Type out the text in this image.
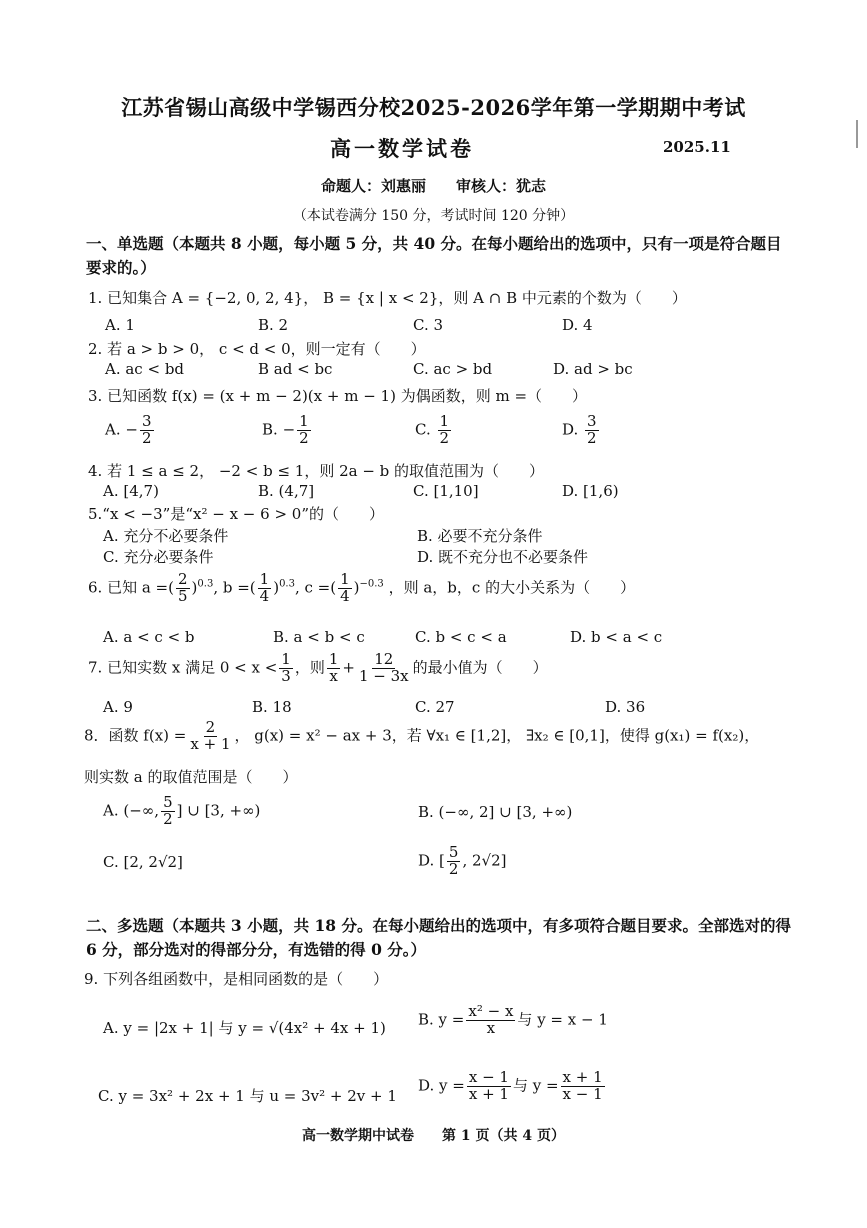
江苏省锡山高级中学锡西分校2025-2026学年第一学期期中考试
高一数学试卷	2025.11
命题人：刘惠丽　　审核人：犹志
（本试卷满分 150 分，考试时间 120 分钟）
一、单选题（本题共 8 小题，每小题 5 分，共 40 分。在每小题给出的选项中，只有一项是符合题目要求的。）
1. 已知集合 A = {−2, 0, 2, 4}， B = {x | x < 2}，则 A ∩ B 中元素的个数为（　　）
A. 1	B. 2	C. 3	D. 4
2. 若 a > b > 0， c < d < 0，则一定有（　　）
A. ac < bd	B ad < bc	C. ac > bd	D. ad > bc
3. 已知函数 f(x) = (x + m − 2)(x + m − 1) 为偶函数，则 m =（　　）
A. − $\frac{3}{2}$	B. − $\frac{1}{2}$	C. $\frac{1}{2}$	D. $\frac{3}{2}$
4. 若 1 ≤ a ≤ 2， −2 < b ≤ 1，则 2a − b 的取值范围为（　　）
A. [4,7)	B. (4,7]	C. [1,10]	D. [1,6)
5.“x < −3”是“x² − x − 6 > 0”的（　　）
A. 充分不必要条件	B. 必要不充分条件
C. 充分必要条件	D. 既不充分也不必要条件
6. 已知 a =( $\frac{2}{5} )^{0.3}$, b =( $\frac{1}{4} )^{0.3}$, c =( $\frac{1}{4} )^{-0.3}$ ，则 a，b，c 的大小关系为（　　）
A. a < c < b	B. a < b < c	C. b < c < a	D. b < a < c
7. 已知实数 x 满足 $0 < x < \frac{1}{3}$ ，则 $\frac{1}{x} + \frac{12}{1 - 3x}$ 的最小值为（　　）
A. 9	B. 18	C. 27	D. 36
8．函数 $f(x) = \frac{2}{x + 1}$ ， g(x) = x² − ax + 3，若 ∀x₁ ∈ [1,2]， ∃x₂ ∈ [0,1]，使得 g(x₁) = f(x₂)，
则实数 a 的取值范围是（　　）
A. (−∞, $\frac{5}{2}$ ] ∪ [3, +∞)	B. (−∞, 2] ∪ [3, +∞)
C. [2, 2√2]	D. [ $\frac{5}{2}$ , 2√2]
二、多选题（本题共 3 小题，共 18 分。在每小题给出的选项中，有多项符合题目要求。全部选对的得 6 分，部分选对的得部分分，有选错的得 0 分。）
9. 下列各组函数中，是相同函数的是（　　）
A. y = |2x + 1| 与 y = √(4x² + 4x + 1) B. $y = \frac{\text{x² − x}}{x}$ 与 y = x − 1
C. y = 3x² + 2x + 1 与 u = 3v² + 2v + 1
D. $y = \frac{x - 1}{x + 1}$ 与 $y = \frac{x + 1}{x - 1}$
高一数学期中试卷　　第 1 页（共 4 页）
